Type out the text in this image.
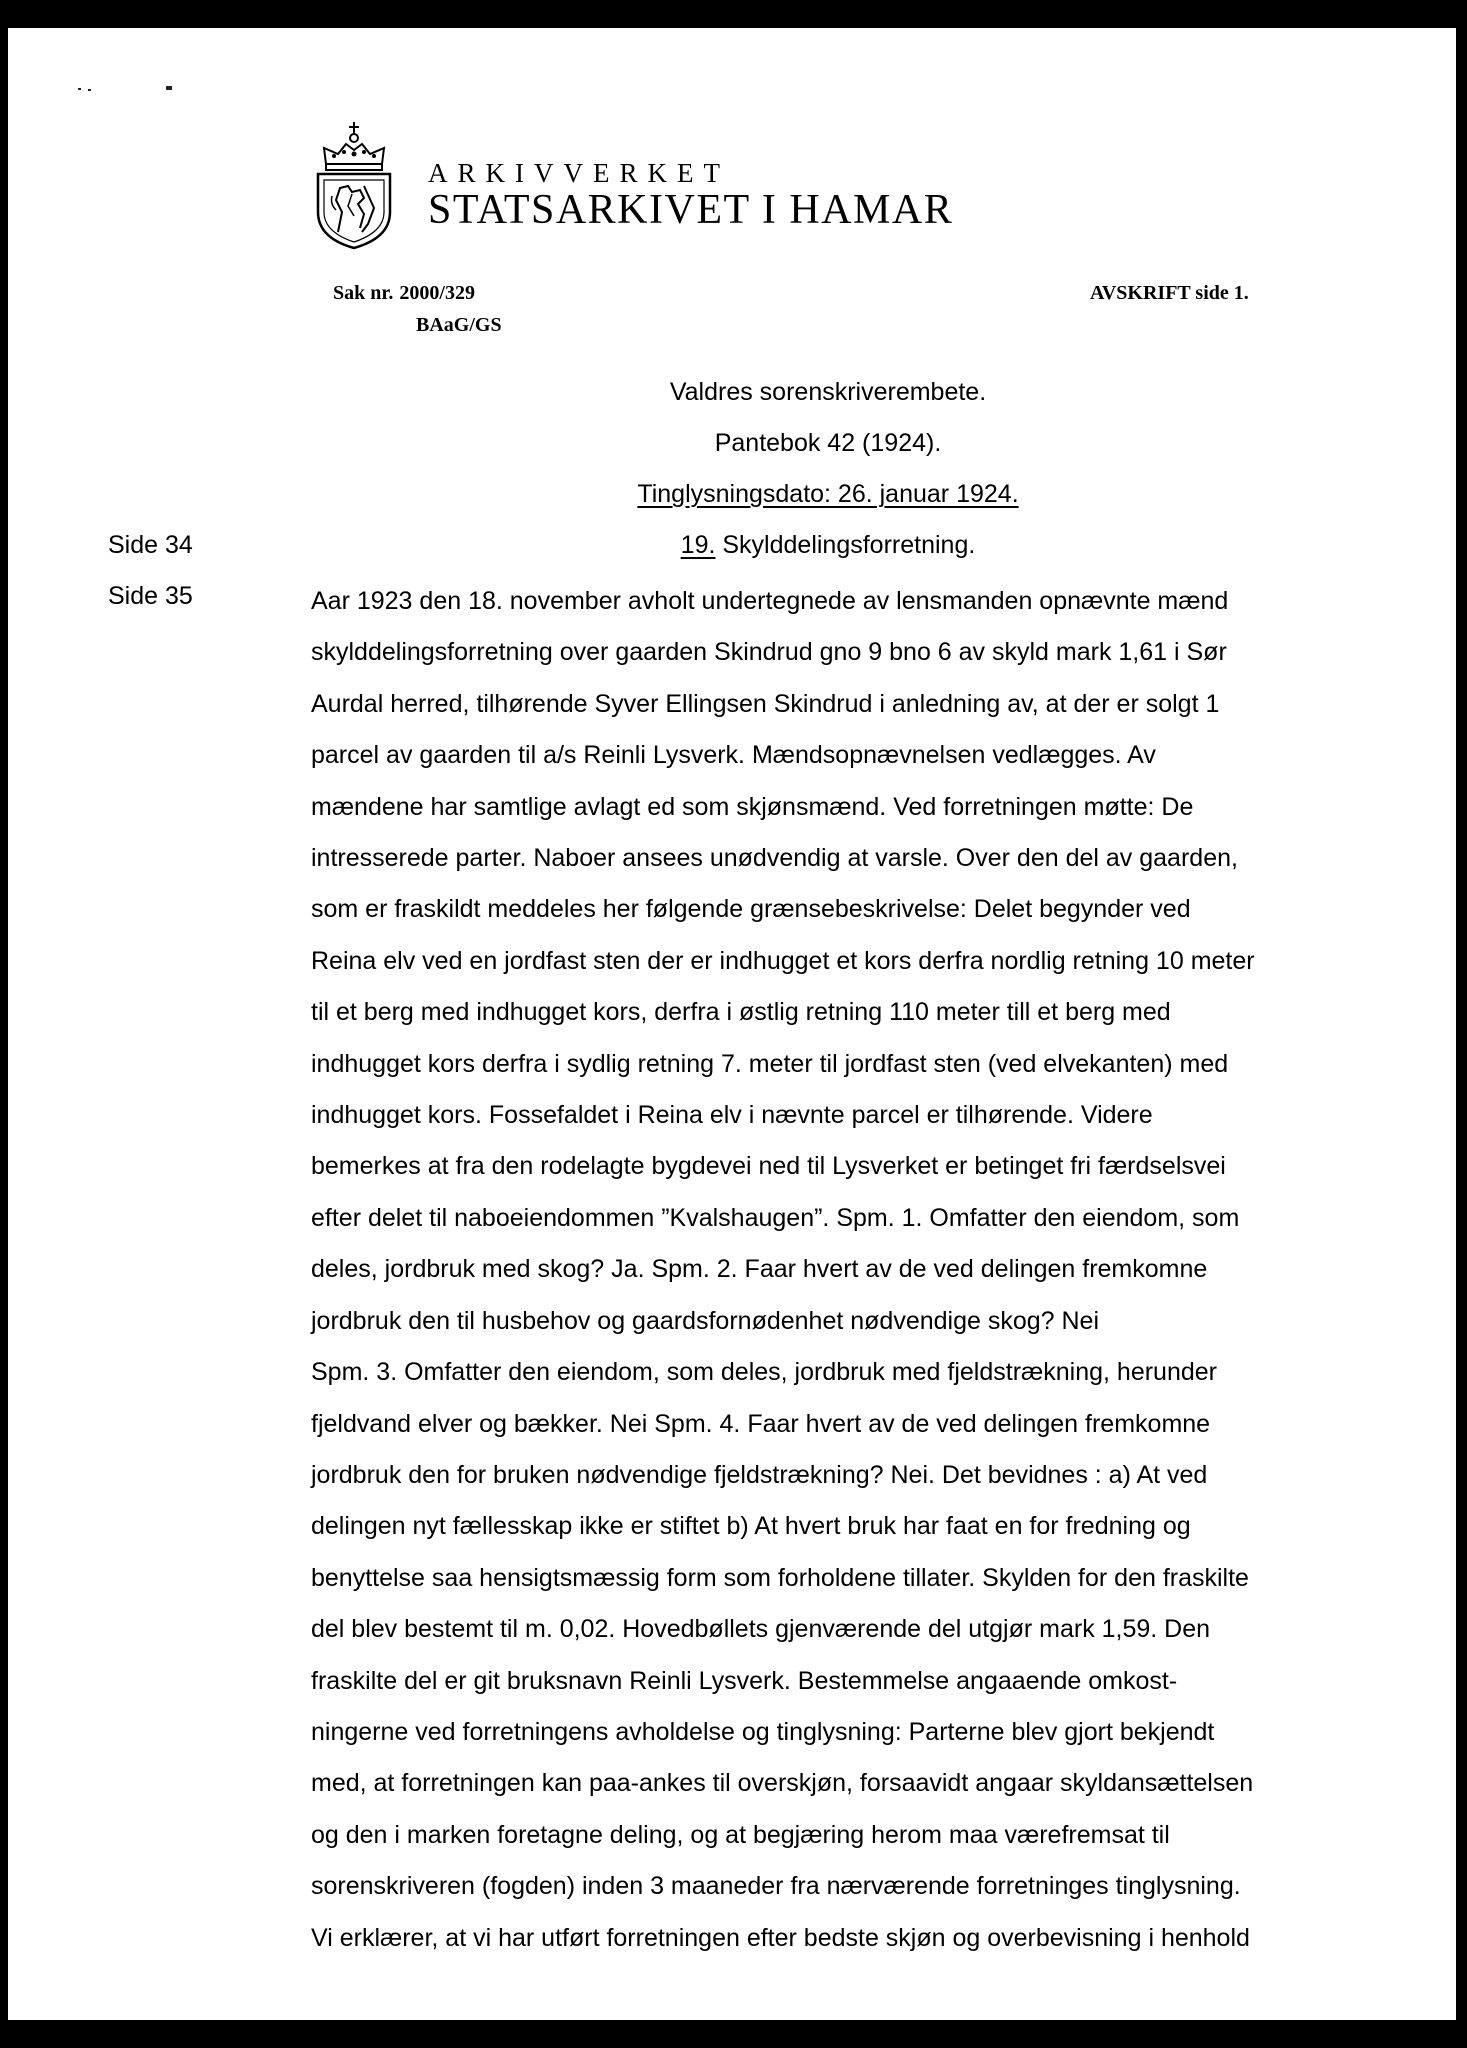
ARKIVVERKET
STATSARKIVET I HAMAR
Sak nr. 2000/329
BAaG/GS
AVSKRIFT side 1.
Valdres sorenskriverembete.
Pantebok 42 (1924).
Tinglysningsdato: 26. januar 1924.
19. Skylddelingsforretning.
Side 34
Side 35	Aar 1923 den 18. november avholt undertegnede av lensmanden opnævnte mænd
skylddelingsforretning over gaarden Skindrud gno 9 bno 6 av skyld mark 1,61 i Sør
Aurdal herred, tilhørende Syver Ellingsen Skindrud i anledning av, at der er solgt 1
parcel av gaarden til a/s Reinli Lysverk. Mændsopnævnelsen vedlægges. Av
mændene har samtlige avlagt ed som skjønsmænd. Ved forretningen møtte: De
intresserede parter. Naboer ansees unødvendig at varsle. Over den del av gaarden,
som er fraskildt meddeles her følgende grænsebeskrivelse: Delet begynder ved
Reina elv ved en jordfast sten der er indhugget et kors derfra nordlig retning 10 meter
til et berg med indhugget kors, derfra i østlig retning 110 meter till et berg med
indhugget kors derfra i sydlig retning 7. meter til jordfast sten (ved elvekanten) med
indhugget kors. Fossefaldet i Reina elv i nævnte parcel er tilhørende. Videre
bemerkes at fra den rodelagte bygdevei ned til Lysverket er betinget fri færdselsvei
efter delet til naboeiendommen ”Kvalshaugen”. Spm. 1. Omfatter den eiendom, som
deles, jordbruk med skog? Ja. Spm. 2. Faar hvert av de ved delingen fremkomne
jordbruk den til husbehov og gaardsfornødenhet nødvendige skog? Nei
Spm. 3. Omfatter den eiendom, som deles, jordbruk med fjeldstrækning, herunder
fjeldvand elver og bækker. Nei Spm. 4. Faar hvert av de ved delingen fremkomne
jordbruk den for bruken nødvendige fjeldstrækning? Nei. Det bevidnes : a) At ved
delingen nyt fællesskap ikke er stiftet b) At hvert bruk har faat en for fredning og
benyttelse saa hensigtsmæssig form som forholdene tillater. Skylden for den fraskilte
del blev bestemt til m. 0,02. Hovedbøllets gjenværende del utgjør mark 1,59. Den
fraskilte del er git bruksnavn Reinli Lysverk. Bestemmelse angaaende omkost-
ningerne ved forretningens avholdelse og tinglysning: Parterne blev gjort bekjendt
med, at forretningen kan paa-ankes til overskjøn, forsaavidt angaar skyldansættelsen
og den i marken foretagne deling, og at begjæring herom maa værefremsat til
sorenskriveren (fogden) inden 3 maaneder fra nærværende forretninges tinglysning.
Vi erklærer, at vi har utført forretningen efter bedste skjøn og overbevisning i henhold
